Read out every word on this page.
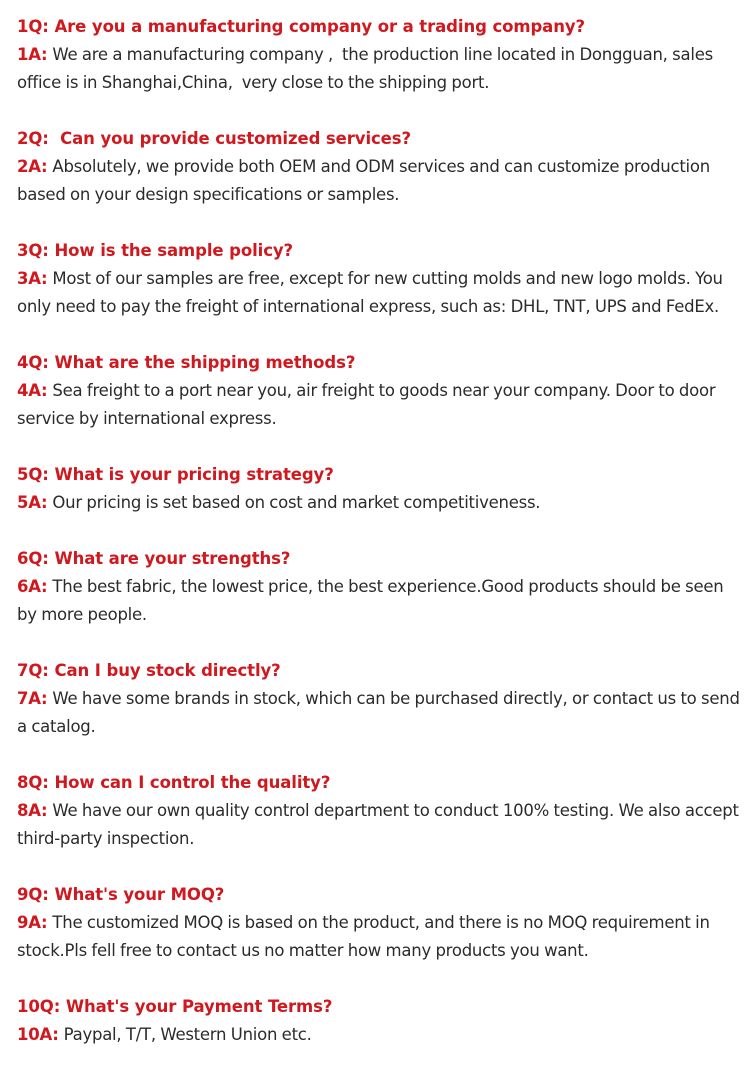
1Q: Are you a manufacturing company or a trading company?
1A: We are a manufacturing company ,  the production line located in Dongguan, sales office is in Shanghai,China,  very close to the shipping port.
2Q: Can you provide customized services?
2A: Absolutely, we provide both OEM and ODM services and can customize production based on your design specifications or samples.
3Q: How is the sample policy?
3A: Most of our samples are free, except for new cutting molds and new logo molds. You only need to pay the freight of international express, such as: DHL, TNT, UPS and FedEx.
4Q: What are the shipping methods?
4A: Sea freight to a port near you, air freight to goods near your company. Door to door service by international express.
5Q: What is your pricing strategy?
5A: Our pricing is set based on cost and market competitiveness.
6Q: What are your strengths?
6A: The best fabric, the lowest price, the best experience.Good products should be seen by more people.
7Q: Can I buy stock directly?
7A: We have some brands in stock, which can be purchased directly, or contact us to send a catalog.
8Q: How can I control the quality?
8A: We have our own quality control department to conduct 100% testing. We also accept third-party inspection.
9Q: What's your MOQ?
9A: The customized MOQ is based on the product, and there is no MOQ requirement in stock.Pls fell free to contact us no matter how many products you want.
10Q: What's your Payment Terms?
10A: Paypal, T/T, Western Union etc.
